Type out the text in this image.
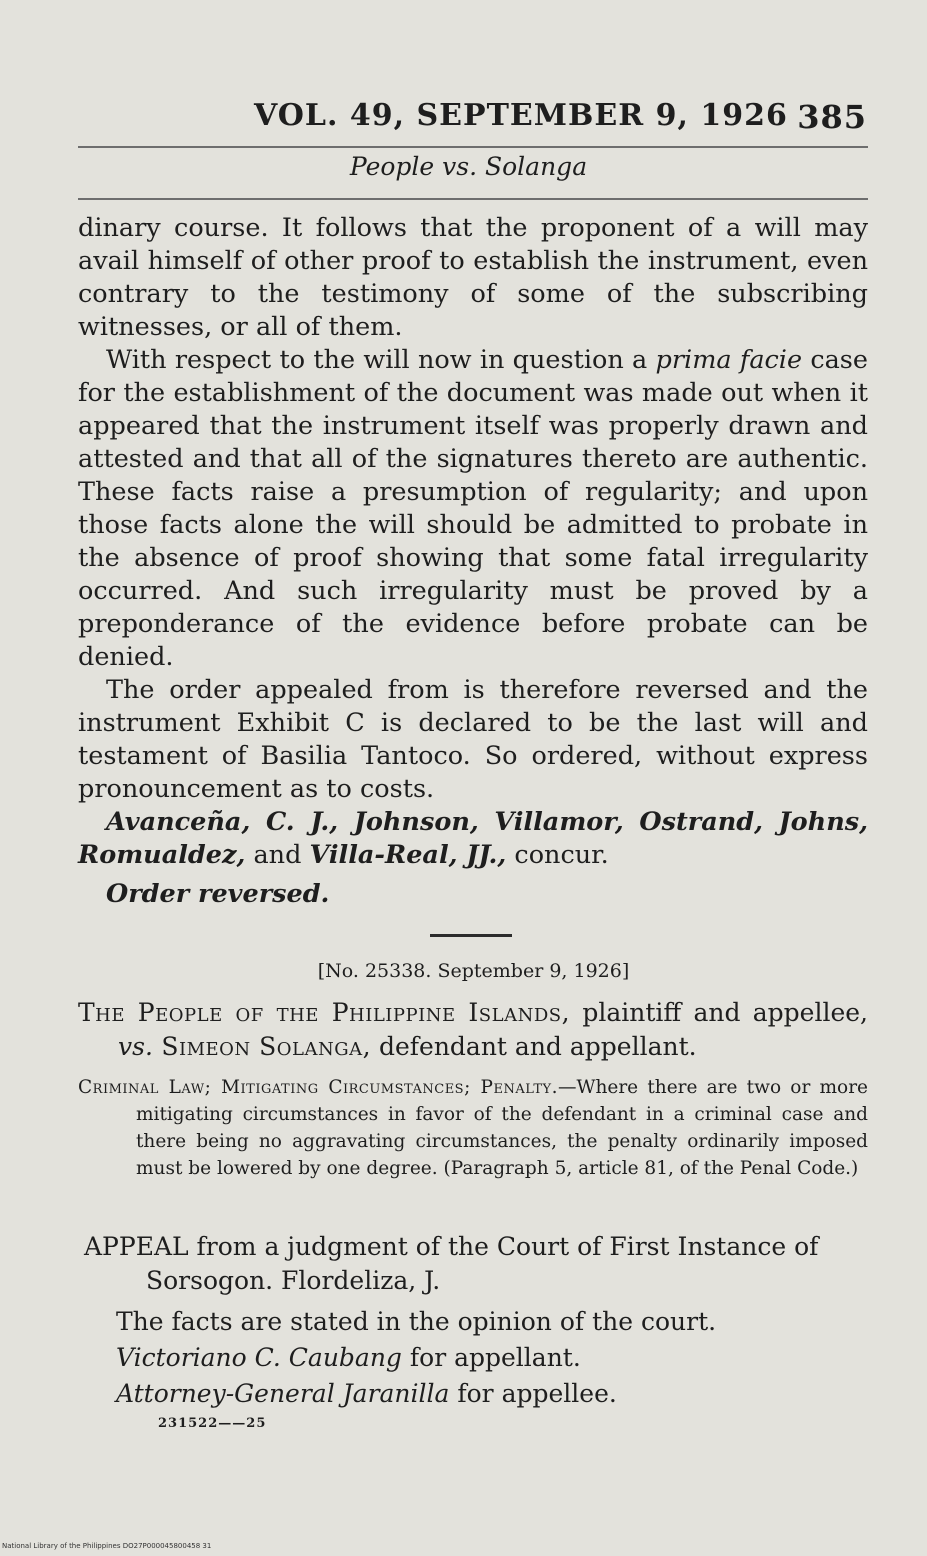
VOL. 49, SEPTEMBER 9, 1926 385
People vs. Solanga

dinary course. It follows that the proponent of a will may avail himself of other proof to establish the instrument, even contrary to the testimony of some of the subscribing witnesses, or all of them.

With respect to the will now in question a prima facie case for the establishment of the document was made out when it appeared that the instrument itself was properly drawn and attested and that all of the signatures thereto are authentic. These facts raise a presumption of regularity; and upon those facts alone the will should be admitted to probate in the absence of proof showing that some fatal irregularity occurred. And such irregularity must be proved by a preponderance of the evidence before probate can be denied.

The order appealed from is therefore reversed and the instrument Exhibit C is declared to be the last will and testament of Basilia Tantoco. So ordered, without express pronouncement as to costs.

Avanceña, C. J., Johnson, Villamor, Ostrand, Johns, Romualdez, and Villa-Real, JJ., concur.

Order reversed.

[No. 25338. September 9, 1926]

The People of the Philippine Islands, plaintiff and appellee, vs. Simeon Solanga, defendant and appellant.

Criminal Law; Mitigating Circumstances; Penalty.—Where there are two or more mitigating circumstances in favor of the defendant in a criminal case and there being no aggravating circumstances, the penalty ordinarily imposed must be lowered by one degree. (Paragraph 5, article 81, of the Penal Code.)
APPEAL from a judgment of the Court of First Instance of Sorsogon. Flordeliza, J.
The facts are stated in the opinion of the court.
Victoriano C. Caubang for appellant.
Attorney-General Jaranilla for appellee.
231522——25
National Library of the Philippines DO27P000045800458 31
